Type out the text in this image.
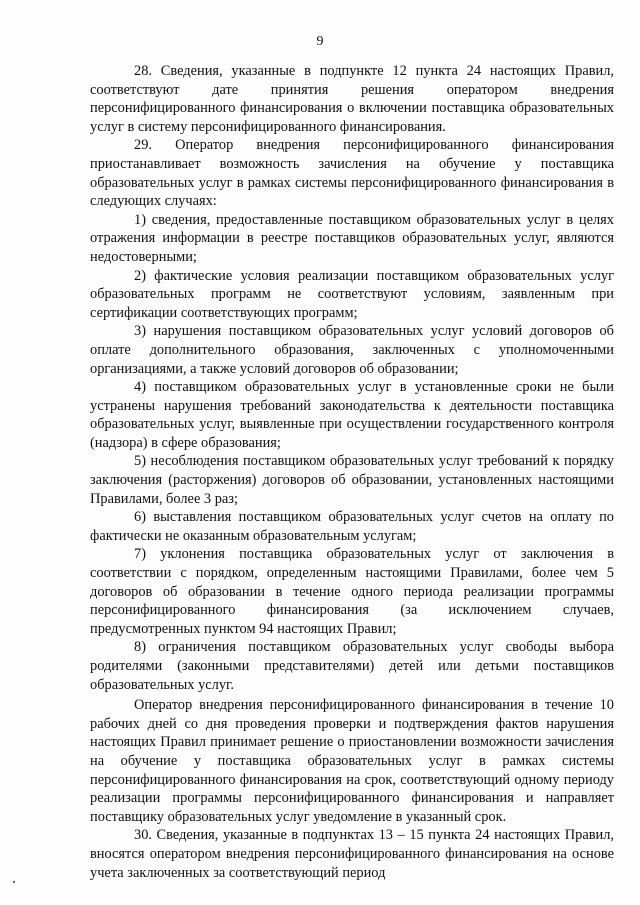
9

28. Сведения, указанные в подпункте 12 пункта 24 настоящих Правил, соответствуют дате принятия решения оператором внедрения персонифицированного финансирования о включении поставщика образовательных услуг в систему персонифицированного финансирования.

29. Оператор внедрения персонифицированного финансирования приостанавливает возможность зачисления на обучение у поставщика образовательных услуг в рамках системы персонифицированного финансирования в следующих случаях:

1) сведения, предоставленные поставщиком образовательных услуг в целях отражения информации в реестре поставщиков образовательных услуг, являются недостоверными;

2) фактические условия реализации поставщиком образовательных услуг образовательных программ не соответствуют условиям, заявленным при сертификации соответствующих программ;

3) нарушения поставщиком образовательных услуг условий договоров об оплате дополнительного образования, заключенных с уполномоченными организациями, а также условий договоров об образовании;

4) поставщиком образовательных услуг в установленные сроки не были устранены нарушения требований законодательства к деятельности поставщика образовательных услуг, выявленные при осуществлении государственного контроля (надзора) в сфере образования;

5) несоблюдения поставщиком образовательных услуг требований к порядку заключения (расторжения) договоров об образовании, установленных настоящими Правилами, более 3 раз;

6) выставления поставщиком образовательных услуг счетов на оплату по фактически не оказанным образовательным услугам;

7) уклонения поставщика образовательных услуг от заключения в соответствии с порядком, определенным настоящими Правилами, более чем 5 договоров об образовании в течение одного периода реализации программы персонифицированного финансирования (за исключением случаев, предусмотренных пунктом 94 настоящих Правил;

8) ограничения поставщиком образовательных услуг свободы выбора родителями (законными представителями) детей или детьми поставщиков образовательных услуг.

Оператор внедрения персонифицированного финансирования в течение 10 рабочих дней со дня проведения проверки и подтверждения фактов нарушения настоящих Правил принимает решение о приостановлении возможности зачисления на обучение у поставщика образовательных услуг в рамках системы персонифицированного финансирования на срок, соответствующий одному периоду реализации программы персонифицированного финансирования и направляет поставщику образовательных услуг уведомление в указанный срок.

30. Сведения, указанные в подпунктах 13 – 15 пункта 24 настоящих Правил, вносятся оператором внедрения персонифицированного финансирования на основе учета заключенных за соответствующий период
